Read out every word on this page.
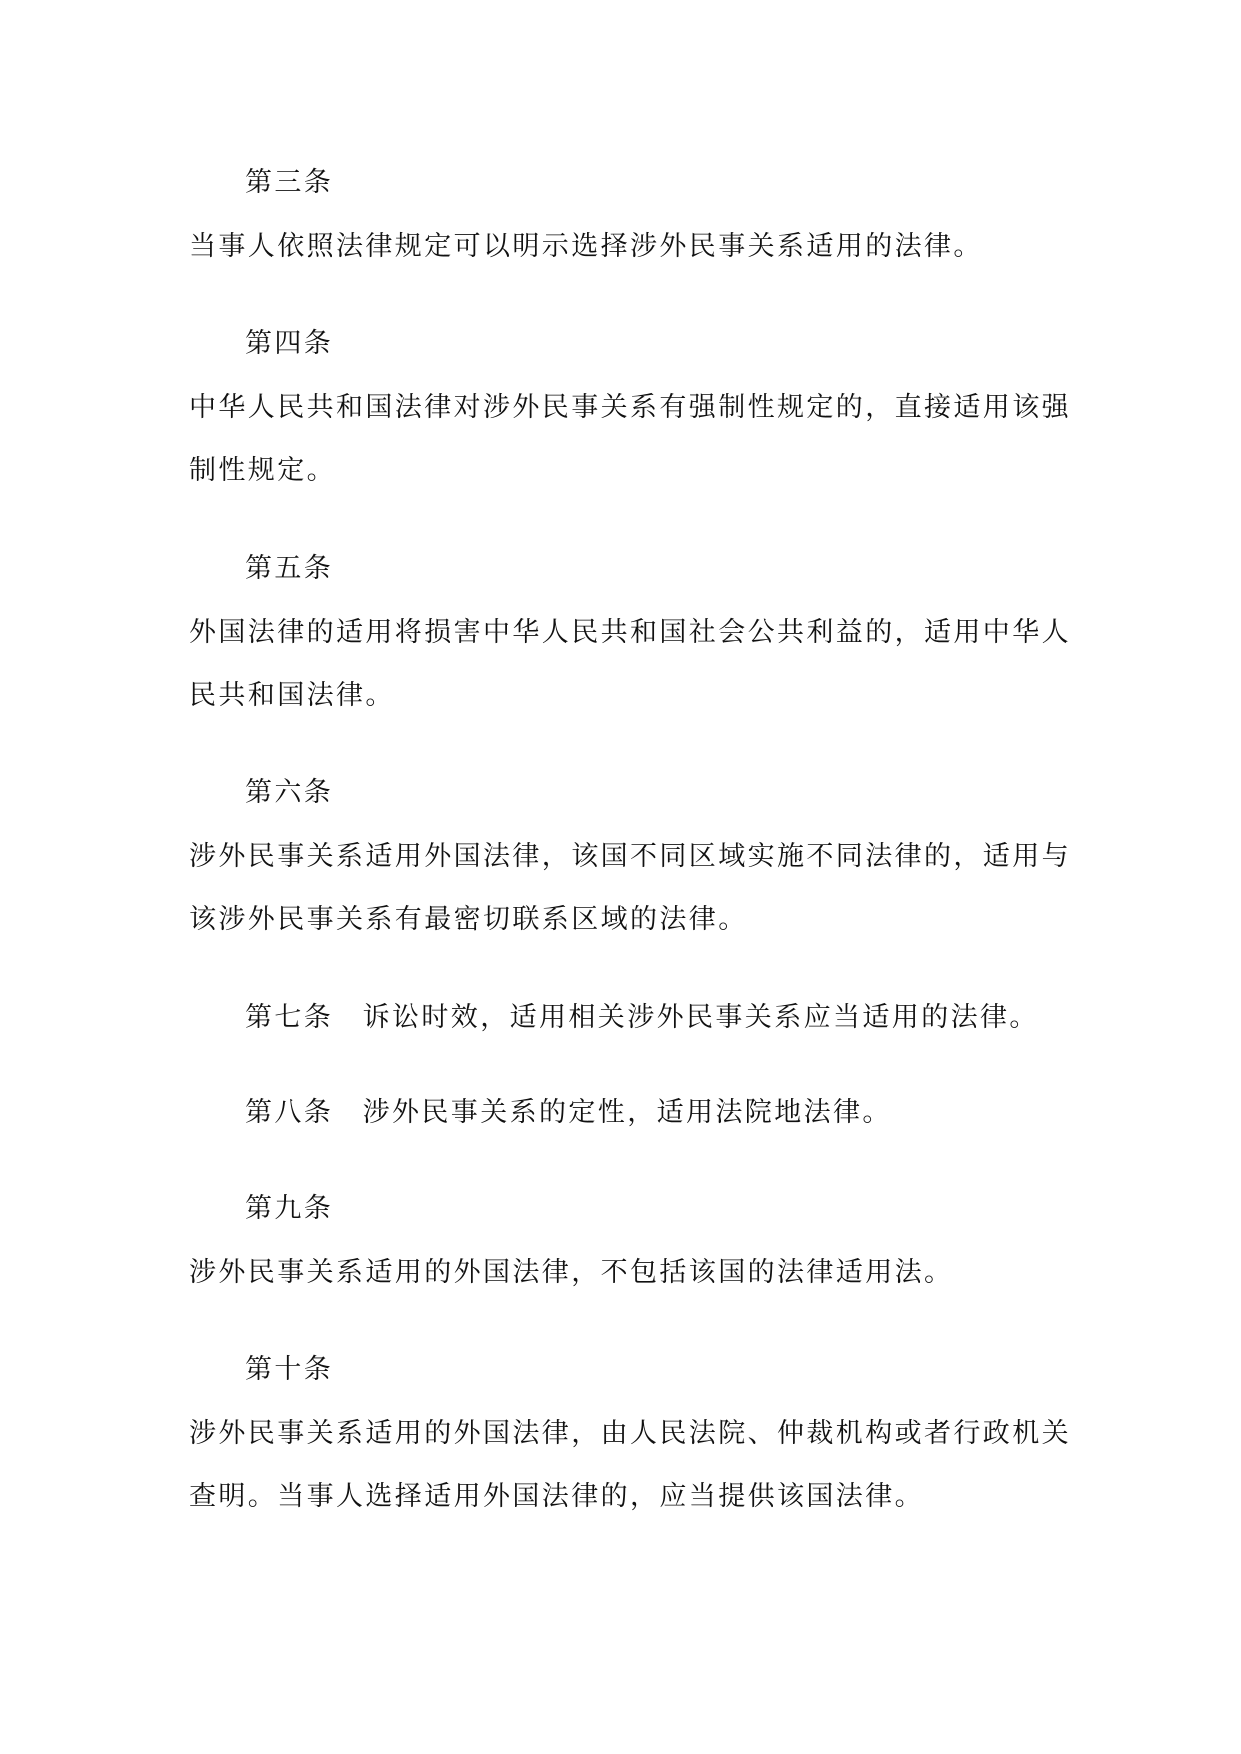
第三条
当事人依照法律规定可以明示选择涉外民事关系适用的法律。
第四条
中华人民共和国法律对涉外民事关系有强制性规定的，直接适用该强
制性规定。
第五条
外国法律的适用将损害中华人民共和国社会公共利益的，适用中华人
民共和国法律。
第六条
涉外民事关系适用外国法律，该国不同区域实施不同法律的，适用与
该涉外民事关系有最密切联系区域的法律。
第七条　诉讼时效，适用相关涉外民事关系应当适用的法律。
第八条　涉外民事关系的定性，适用法院地法律。
第九条
涉外民事关系适用的外国法律，不包括该国的法律适用法。
第十条
涉外民事关系适用的外国法律，由人民法院、仲裁机构或者行政机关
查明。当事人选择适用外国法律的，应当提供该国法律。
